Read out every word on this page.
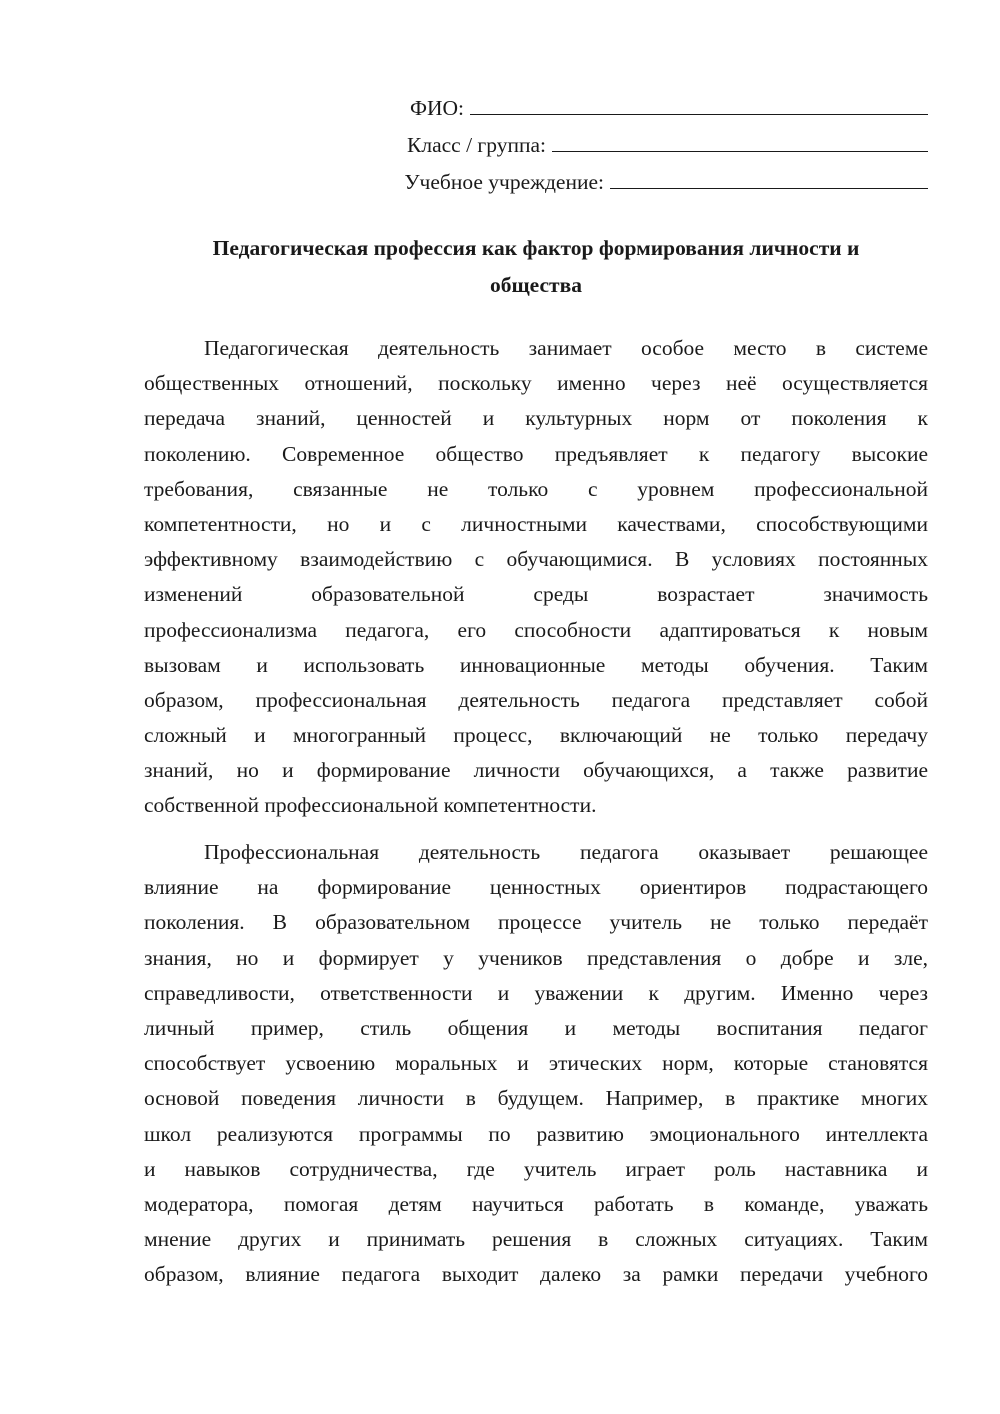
ФИО:
Класс / группа:
Учебное учреждение:
Педагогическая профессия как фактор формирования личности и
общества
Педагогическая деятельность занимает особое место в системе
общественных отношений, поскольку именно через неё осуществляется
передача знаний, ценностей и культурных норм от поколения к
поколению. Современное общество предъявляет к педагогу высокие
требования, связанные не только с уровнем профессиональной
компетентности, но и с личностными качествами, способствующими
эффективному взаимодействию с обучающимися. В условиях постоянных
изменений образовательной среды возрастает значимость
профессионализма педагога, его способности адаптироваться к новым
вызовам и использовать инновационные методы обучения. Таким
образом, профессиональная деятельность педагога представляет собой
сложный и многогранный процесс, включающий не только передачу
знаний, но и формирование личности обучающихся, а также развитие
собственной профессиональной компетентности.
Профессиональная деятельность педагога оказывает решающее
влияние на формирование ценностных ориентиров подрастающего
поколения. В образовательном процессе учитель не только передаёт
знания, но и формирует у учеников представления о добре и зле,
справедливости, ответственности и уважении к другим. Именно через
личный пример, стиль общения и методы воспитания педагог
способствует усвоению моральных и этических норм, которые становятся
основой поведения личности в будущем. Например, в практике многих
школ реализуются программы по развитию эмоционального интеллекта
и навыков сотрудничества, где учитель играет роль наставника и
модератора, помогая детям научиться работать в команде, уважать
мнение других и принимать решения в сложных ситуациях. Таким
образом, влияние педагога выходит далеко за рамки передачи учебного
